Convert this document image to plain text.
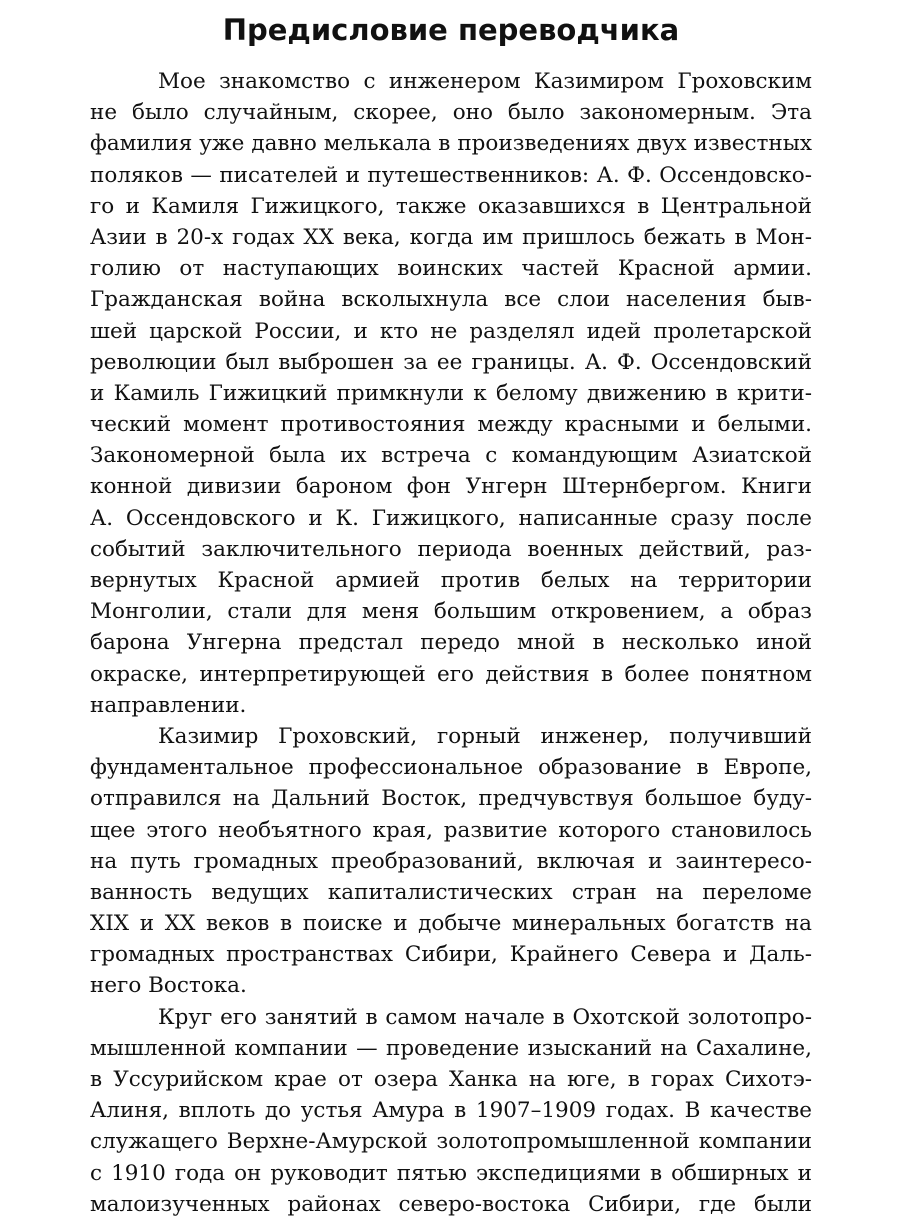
Предисловие переводчика
Мое знакомство с инженером Казимиром Гроховским
не было случайным, скорее, оно было закономерным. Эта
фамилия уже давно мелькала в произведениях двух известных
поляков — писателей и путешественников: А. Ф. Оссендовско-
го и Камиля Гижицкого, также оказавшихся в Центральной
Азии в 20-х годах XX века, когда им пришлось бежать в Мон-
голию от наступающих воинских частей Красной армии.
Гражданская война всколыхнула все слои населения быв-
шей царской России, и кто не разделял идей пролетарской
революции был выброшен за ее границы. А. Ф. Оссендовский
и Камиль Гижицкий примкнули к белому движению в крити-
ческий момент противостояния между красными и белыми.
Закономерной была их встреча с командующим Азиатской
конной дивизии бароном фон Унгерн Штернбергом. Книги
А. Оссендовского и К. Гижицкого, написанные сразу после
событий заключительного периода военных действий, раз-
вернутых Красной армией против белых на территории
Монголии, стали для меня большим откровением, а образ
барона Унгерна предстал передо мной в несколько иной
окраске, интерпретирующей его действия в более понятном
направлении.
Казимир Гроховский, горный инженер, получивший
фундаментальное профессиональное образование в Европе,
отправился на Дальний Восток, предчувствуя большое буду-
щее этого необъятного края, развитие которого становилось
на путь громадных преобразований, включая и заинтересо-
ванность ведущих капиталистических стран на переломе
XIX и XX веков в поиске и добыче минеральных богатств на
громадных пространствах Сибири, Крайнего Севера и Даль-
него Востока.
Круг его занятий в самом начале в Охотской золотопро-
мышленной компании — проведение изысканий на Сахалине,
в Уссурийском крае от озера Ханка на юге, в горах Сихотэ-
Алиня, вплоть до устья Амура в 1907–1909 годах. В качестве
служащего Верхне-Амурской золотопромышленной компании
с 1910 года он руководит пятью экспедициями в обширных и
малоизученных районах северо-востока Сибири, где были
